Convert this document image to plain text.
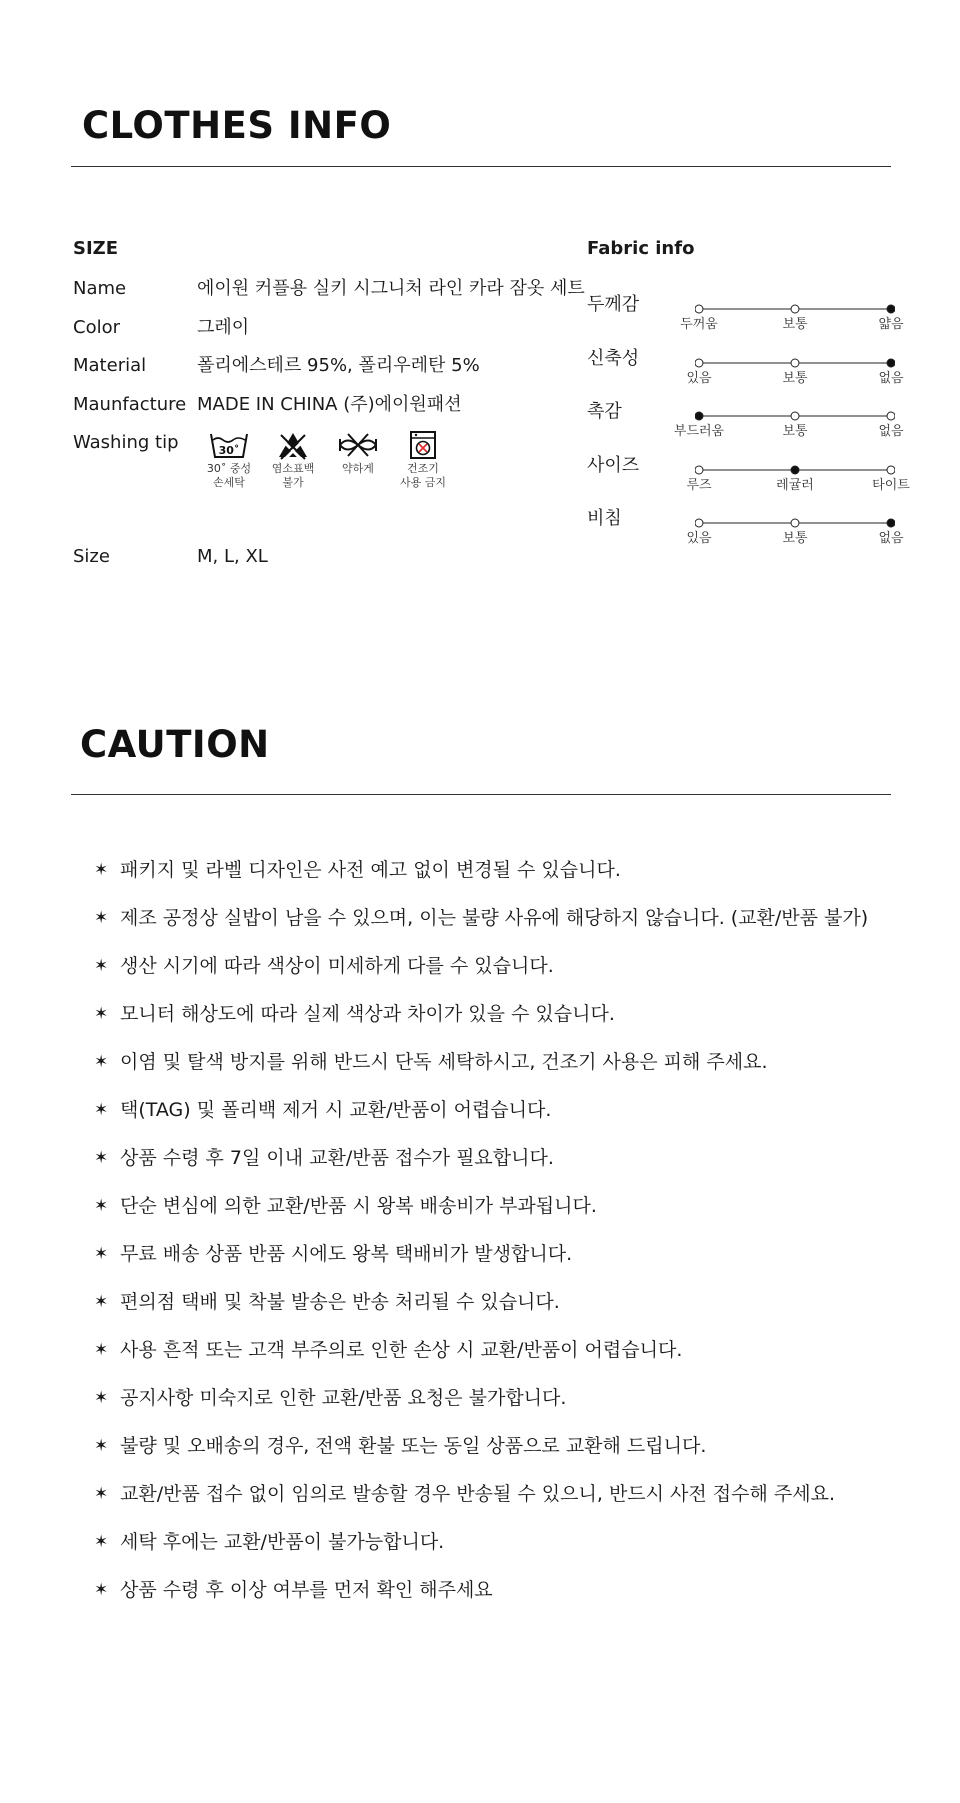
CLOTHES INFO
SIZE
Name	에이원 커플용 실키 시그니처 라인 카라 잠옷 세트
Color	그레이
Material	폴리에스테르 95%, 폴리우레탄 5%
Maunfacture MADE IN CHINA (주)에이원패션
Washing tip	30˚
30˚ 중성
손세탁
염소표백
불가
약하게	건조기
사용 금지
Size	M, L, XL
Fabric info
두께감
두꺼움	보통	얇음
신축성
있음	보통	없음
촉감
부드러움	보통	없음
사이즈
루즈	레귤러	타이트
비침
있음	보통	없음
CAUTION
✶ 패키지 및 라벨 디자인은 사전 예고 없이 변경될 수 있습니다.
✶ 제조 공정상 실밥이 남을 수 있으며, 이는 불량 사유에 해당하지 않습니다. (교환/반품 불가)
✶ 생산 시기에 따라 색상이 미세하게 다를 수 있습니다.
✶ 모니터 해상도에 따라 실제 색상과 차이가 있을 수 있습니다.
✶ 이염 및 탈색 방지를 위해 반드시 단독 세탁하시고, 건조기 사용은 피해 주세요.
✶ 택(TAG) 및 폴리백 제거 시 교환/반품이 어렵습니다.
✶ 상품 수령 후 7일 이내 교환/반품 접수가 필요합니다.
✶ 단순 변심에 의한 교환/반품 시 왕복 배송비가 부과됩니다.
✶ 무료 배송 상품 반품 시에도 왕복 택배비가 발생합니다.
✶ 편의점 택배 및 착불 발송은 반송 처리될 수 있습니다.
✶ 사용 흔적 또는 고객 부주의로 인한 손상 시 교환/반품이 어렵습니다.
✶ 공지사항 미숙지로 인한 교환/반품 요청은 불가합니다.
✶ 불량 및 오배송의 경우, 전액 환불 또는 동일 상품으로 교환해 드립니다.
✶ 교환/반품 접수 없이 임의로 발송할 경우 반송될 수 있으니, 반드시 사전 접수해 주세요.
✶ 세탁 후에는 교환/반품이 불가능합니다.
✶ 상품 수령 후 이상 여부를 먼저 확인 해주세요
